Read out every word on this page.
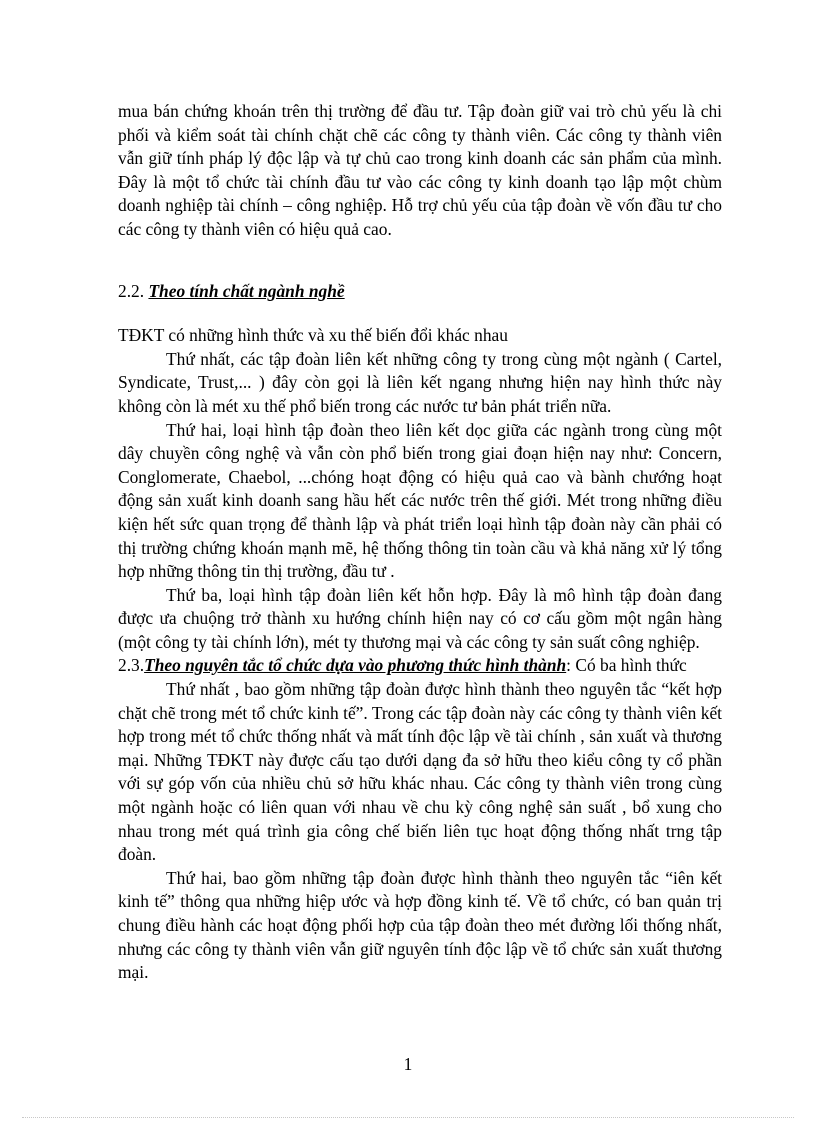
mua bán chứng khoán trên thị trường để đầu tư. Tập đoàn giữ vai trò chủ yếu là chi phối và kiểm soát tài chính chặt chẽ các công ty thành viên. Các công ty thành viên vẫn giữ tính pháp lý độc lập và tự chủ cao trong kinh doanh các sản phẩm của mình. Đây là một tổ chức tài chính đầu tư vào các công ty kinh doanh tạo lập một chùm doanh nghiệp tài chính – công nghiệp. Hỗ trợ chủ yếu của tập đoàn về vốn đầu tư cho các công ty thành viên có hiệu quả cao.

2.2. Theo tính chất ngành nghề

TĐKT có những hình thức và xu thế biến đổi khác nhau

Thứ nhất, các tập đoàn liên kết những công ty trong cùng một ngành ( Cartel, Syndicate, Trust,... ) đây còn gọi là liên kết ngang nhưng hiện nay hình thức này không còn là mét xu thế phổ biến trong các nước tư bản phát triển nữa.

Thứ hai, loại hình tập đoàn theo liên kết dọc giữa các ngành trong cùng một dây chuyền công nghệ và vẫn còn phổ biến trong giai đoạn hiện nay như: Concern, Conglomerate, Chaebol, ...chóng hoạt động có hiệu quả cao và bành chướng hoạt động sản xuất kinh doanh sang hầu hết các nước trên thế giới. Mét trong những điều kiện hết sức quan trọng để thành lập và phát triển loại hình tập đoàn này cần phải có thị trường chứng khoán mạnh mẽ, hệ thống thông tin toàn cầu và khả năng xử lý tổng hợp những thông tin thị trường, đầu tư .

Thứ ba, loại hình tập đoàn liên kết hỗn hợp. Đây là mô hình tập đoàn đang được ưa chuộng trở thành xu hướng chính hiện nay có cơ cấu gồm một ngân hàng (một công ty tài chính lớn), mét ty thương mại và các công ty sản suất công nghiệp.

2.3.Theo nguyên tắc tổ chức dựa vào phương thức hình thành: Có ba hình thức

Thứ nhất , bao gồm những tập đoàn được hình thành theo nguyên tắc “kết hợp chặt chẽ trong mét tổ chức kinh tế”. Trong các tập đoàn này các công ty thành viên kết hợp trong mét tổ chức thống nhất và mất tính độc lập về tài chính , sản xuất và thương mại. Những TĐKT này được cấu tạo dưới dạng đa sở hữu theo kiểu công ty cổ phần với sự góp vốn của nhiều chủ sở hữu khác nhau. Các công ty thành viên trong cùng một ngành hoặc có liên quan với nhau về chu kỳ công nghệ sản suất , bổ xung cho nhau trong mét quá trình gia công chế biến liên tục hoạt động thống nhất trng tập đoàn.

Thứ hai, bao gồm những tập đoàn được hình thành theo nguyên tắc “iên kết kinh tế” thông qua những hiệp ước và hợp đồng kinh tế. Về tổ chức, có ban quản trị chung điều hành các hoạt động phối hợp của tập đoàn theo mét đường lối thống nhất, nhưng các công ty thành viên vẫn giữ nguyên tính độc lập về tổ chức sản xuất thương mại.

1
